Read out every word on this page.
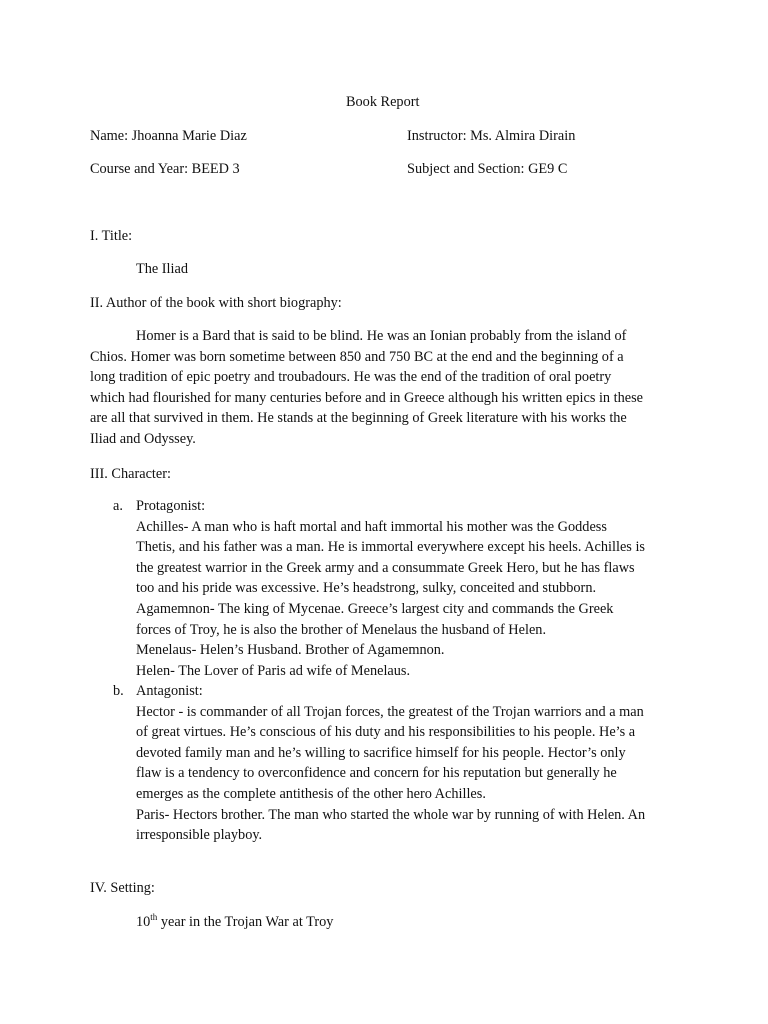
Book Report
Name: Jhoanna Marie Diaz	Instructor: Ms. Almira Dirain
Course and Year: BEED 3	Subject and Section: GE9 C
I. Title:
The Iliad
II. Author of the book with short biography:
Homer is a Bard that is said to be blind. He was an Ionian probably from the island of
Chios. Homer was born sometime between 850 and 750 BC at the end and the beginning of a
long tradition of epic poetry and troubadours. He was the end of the tradition of oral poetry
which had flourished for many centuries before and in Greece although his written epics in these
are all that survived in them. He stands at the beginning of Greek literature with his works the
Iliad and Odyssey.
III. Character:
a. Protagonist:
Achilles- A man who is haft mortal and haft immortal his mother was the Goddess
Thetis, and his father was a man. He is immortal everywhere except his heels. Achilles is
the greatest warrior in the Greek army and a consummate Greek Hero, but he has flaws
too and his pride was excessive. He’s headstrong, sulky, conceited and stubborn.
Agamemnon- The king of Mycenae. Greece’s largest city and commands the Greek
forces of Troy, he is also the brother of Menelaus the husband of Helen.
Menelaus- Helen’s Husband. Brother of Agamemnon.
Helen- The Lover of Paris ad wife of Menelaus.
b. Antagonist:
Hector - is commander of all Trojan forces, the greatest of the Trojan warriors and a man
of great virtues. He’s conscious of his duty and his responsibilities to his people. He’s a
devoted family man and he’s willing to sacrifice himself for his people. Hector’s only
flaw is a tendency to overconfidence and concern for his reputation but generally he
emerges as the complete antithesis of the other hero Achilles.
Paris- Hectors brother. The man who started the whole war by running of with Helen. An
irresponsible playboy.
IV. Setting:
10th year in the Trojan War at Troy
